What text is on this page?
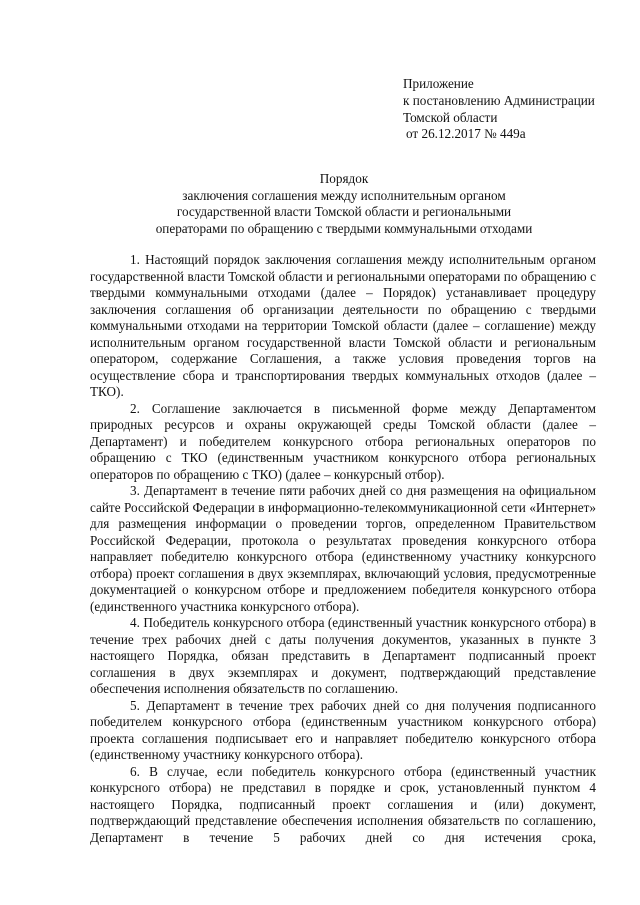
Приложение
к постановлению Администрации
Томской области
от 26.12.2017 № 449а
Порядок
заключения соглашения между исполнительным органом
государственной власти Томской области и региональными
операторами по обращению с твердыми коммунальными отходами

1. Настоящий порядок заключения соглашения между исполнительным органом государственной власти Томской области и региональными операторами по обращению с твердыми коммунальными отходами (далее – Порядок) устанавливает процедуру заключения соглашения об организации деятельности по обращению с твердыми коммунальными отходами на территории Томской области (далее – соглашение) между исполнительным органом государственной власти Томской области и региональным оператором, содержание Соглашения, а также условия проведения торгов на осуществление сбора и транспортирования твердых коммунальных отходов (далее – ТКО).

2. Соглашение заключается в письменной форме между Департаментом природных ресурсов и охраны окружающей среды Томской области (далее – Департамент) и победителем конкурсного отбора региональных операторов по обращению с ТКО (единственным участником конкурсного отбора региональных операторов по обращению с ТКО) (далее – конкурсный отбор).

3. Департамент в течение пяти рабочих дней со дня размещения на официальном сайте Российской Федерации в информационно-телекоммуникационной сети «Интернет» для размещения информации о проведении торгов, определенном Правительством Российской Федерации, протокола о результатах проведения конкурсного отбора направляет победителю конкурсного отбора (единственному участнику конкурсного отбора) проект соглашения в двух экземплярах, включающий условия, предусмотренные документацией о конкурсном отборе и предложением победителя конкурсного отбора (единственного участника конкурсного отбора).

4. Победитель конкурсного отбора (единственный участник конкурсного отбора) в течение трех рабочих дней с даты получения документов, указанных в пункте 3 настоящего Порядка, обязан представить в Департамент подписанный проект соглашения в двух экземплярах и документ, подтверждающий представление обеспечения исполнения обязательств по соглашению.

5. Департамент в течение трех рабочих дней со дня получения подписанного победителем конкурсного отбора (единственным участником конкурсного отбора) проекта соглашения подписывает его и направляет победителю конкурсного отбора (единственному участнику конкурсного отбора).

6. В случае, если победитель конкурсного отбора (единственный участник конкурсного отбора) не представил в порядке и срок, установленный пунктом 4 настоящего Порядка, подписанный проект соглашения и (или) документ, подтверждающий представление обеспечения исполнения обязательств по соглашению, Департамент в течение 5 рабочих дней со дня истечения срока,
